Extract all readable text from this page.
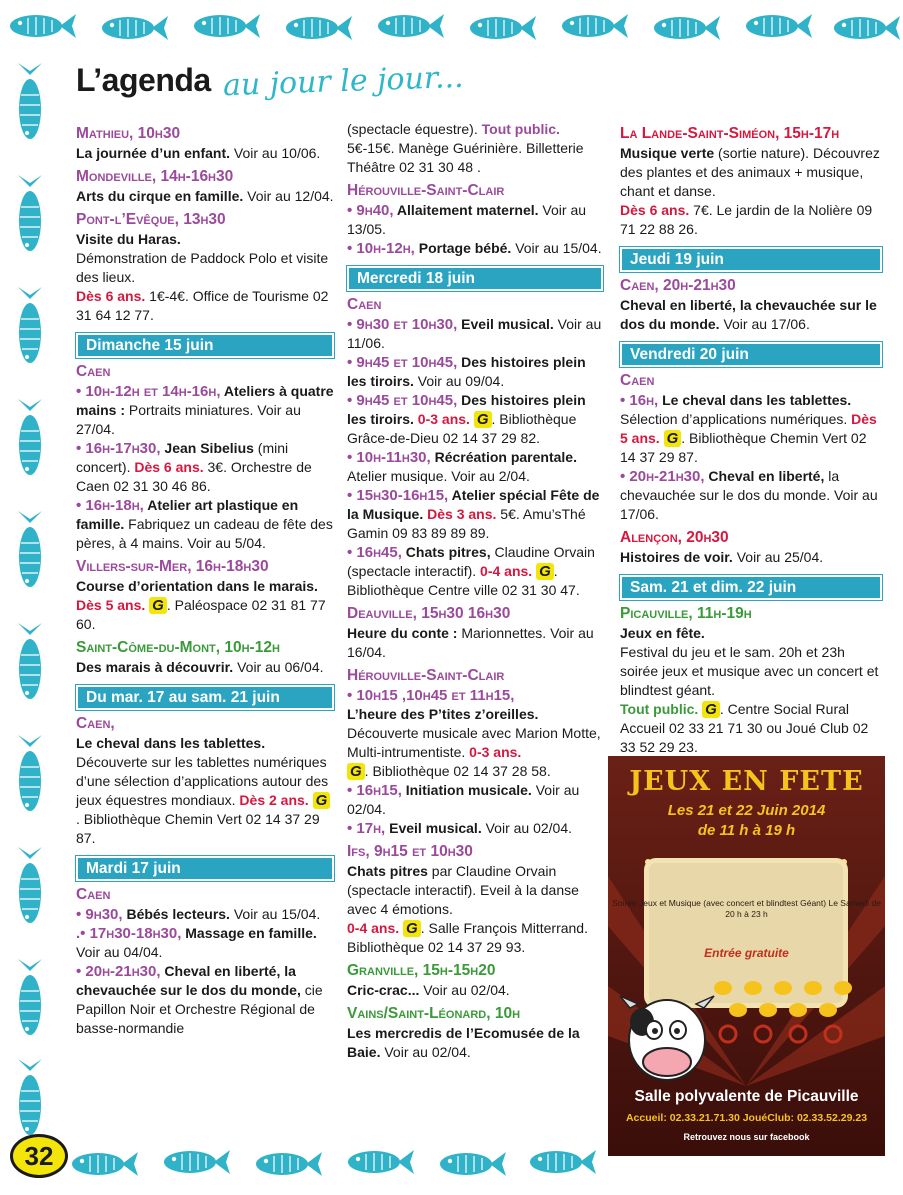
L’agenda au jour le jour...
Mathieu, 10h30
La journée d’un enfant. Voir au 10/06.
Mondeville, 14h-16h30
Arts du cirque en famille. Voir au 12/04.
Pont-l’Evêque, 13h30
Visite du Haras.
Démonstration de Paddock Polo et visite des lieux.
Dès 6 ans. 1€-4€. Office de Tourisme 02 31 64 12 77.
Dimanche 15 juin
Caen
• 10h-12h et 14h-16h, Ateliers à quatre mains : Portraits miniatures. Voir au 27/04.
• 16h-17h30, Jean Sibelius (mini concert). Dès 6 ans. 3€. Orchestre de Caen 02 31 30 46 86.
• 16h-18h, Atelier art plastique en famille. Fabriquez un cadeau de fête des pères, à 4 mains. Voir au 5/04.
Villers-sur-Mer, 16h-18h30
Course d’orientation dans le marais.
Dès 5 ans. G . Paléospace 02 31 81 77 60.
Saint-Côme-du-Mont, 10h-12h
Des marais à découvrir. Voir au 06/04.
Du mar. 17 au sam. 21 juin
Caen,
Le cheval dans les tablettes.
Découverte sur les tablettes numériques d’une sélection d’applications autour des jeux équestres mondiaux. Dès 2 ans. G. Bibliothèque Chemin Vert 02 14 37 29 87.
Mardi 17 juin
Caen
• 9h30, Bébés lecteurs. Voir au 15/04.
.• 17h30-18h30, Massage en famille. Voir au 04/04.
• 20h-21h30, Cheval en liberté, la chevauchée sur le dos du monde, cie Papillon Noir et Orchestre Régional de basse-normandie
(spectacle équestre). Tout public. 5€-15€. Manège Guérinière. Billetterie Théâtre 02 31 30 48 .
Hérouville-Saint-Clair
• 9h40, Allaitement maternel. Voir au 13/05.
• 10h-12h, Portage bébé. Voir au 15/04.
Mercredi 18 juin
Caen
• 9h30 et 10h30, Eveil musical. Voir au 11/06.
• 9h45 et 10h45, Des histoires plein les tiroirs. Voir au 09/04.
• 9h45 et 10h45, Des histoires plein les tiroirs. 0-3 ans. G . Bibliothèque Grâce-de-Dieu 02 14 37 29 82.
• 10h-11h30, Récréation parentale. Atelier musique. Voir au 2/04.
• 15h30-16h15, Atelier spécial Fête de la Musique. Dès 3 ans. 5€. Amu’sThé Gamin 09 83 89 89 89.
• 16h45, Chats pitres, Claudine Orvain (spectacle interactif). 0-4 ans. G . Bibliothèque Centre ville 02 31 30 47.
Deauville, 15h30 16h30
Heure du conte : Marionnettes. Voir au 16/04.
Hérouville-Saint-Clair
• 10h15 ,10h45 et 11h15,
L’heure des P’tites z’oreilles. Découverte musicale avec Marion Motte, Multi-intrumentiste. 0-3 ans.
G . Bibliothèque 02 14 37 28 58.
• 16h15, Initiation musicale. Voir au 02/04.
• 17h, Eveil musical. Voir au 02/04.
Ifs, 9h15 et 10h30
Chats pitres par Claudine Orvain (spectacle interactif). Eveil à la danse avec 4 émotions.
0-4 ans. G . Salle François Mitterrand. Bibliothèque 02 14 37 29 93.
Granville, 15h-15h20
Cric-crac... Voir au 02/04.
Vains/Saint-Léonard, 10h
Les mercredis de l’Ecomusée de la Baie. Voir au 02/04.
La Lande-Saint-Siméon, 15h-17h
Musique verte (sortie nature). Découvrez des plantes et des animaux + musique, chant et danse.
Dès 6 ans. 7€. Le jardin de la Nolière 09 71 22 88 26.
Jeudi 19 juin
Caen, 20h-21h30
Cheval en liberté, la chevauchée sur le dos du monde. Voir au 17/06.
Vendredi 20 juin
Caen
• 16h, Le cheval dans les tablettes. Sélection d’applications numériques. Dès 5 ans. G . Bibliothèque Chemin Vert 02 14 37 29 87.
• 20h-21h30, Cheval en liberté, la chevauchée sur le dos du monde. Voir au 17/06.
Alençon, 20h30
Histoires de voir. Voir au 25/04.
Sam. 21 et dim. 22 juin
Picauville, 11h-19h
Jeux en fête.
Festival du jeu et le sam. 20h et 23h soirée jeux et musique avec un concert et blindtest géant.
Tout public. G . Centre Social Rural Accueil 02 33 21 71 30 ou Joué Club 02 33 52 29 23.
JEUX EN FETE
Les 21 et 22 Juin 2014
de 11 h à 19 h
Soirée Jeux et Musique (avec concert et blindtest Géant) Le Samedi de 20 h à 23 h
Entrée gratuite
Salle polyvalente de Picauville
Accueil: 02.33.21.71.30 JouéClub: 02.33.52.29.23
Retrouvez nous sur facebook
32
